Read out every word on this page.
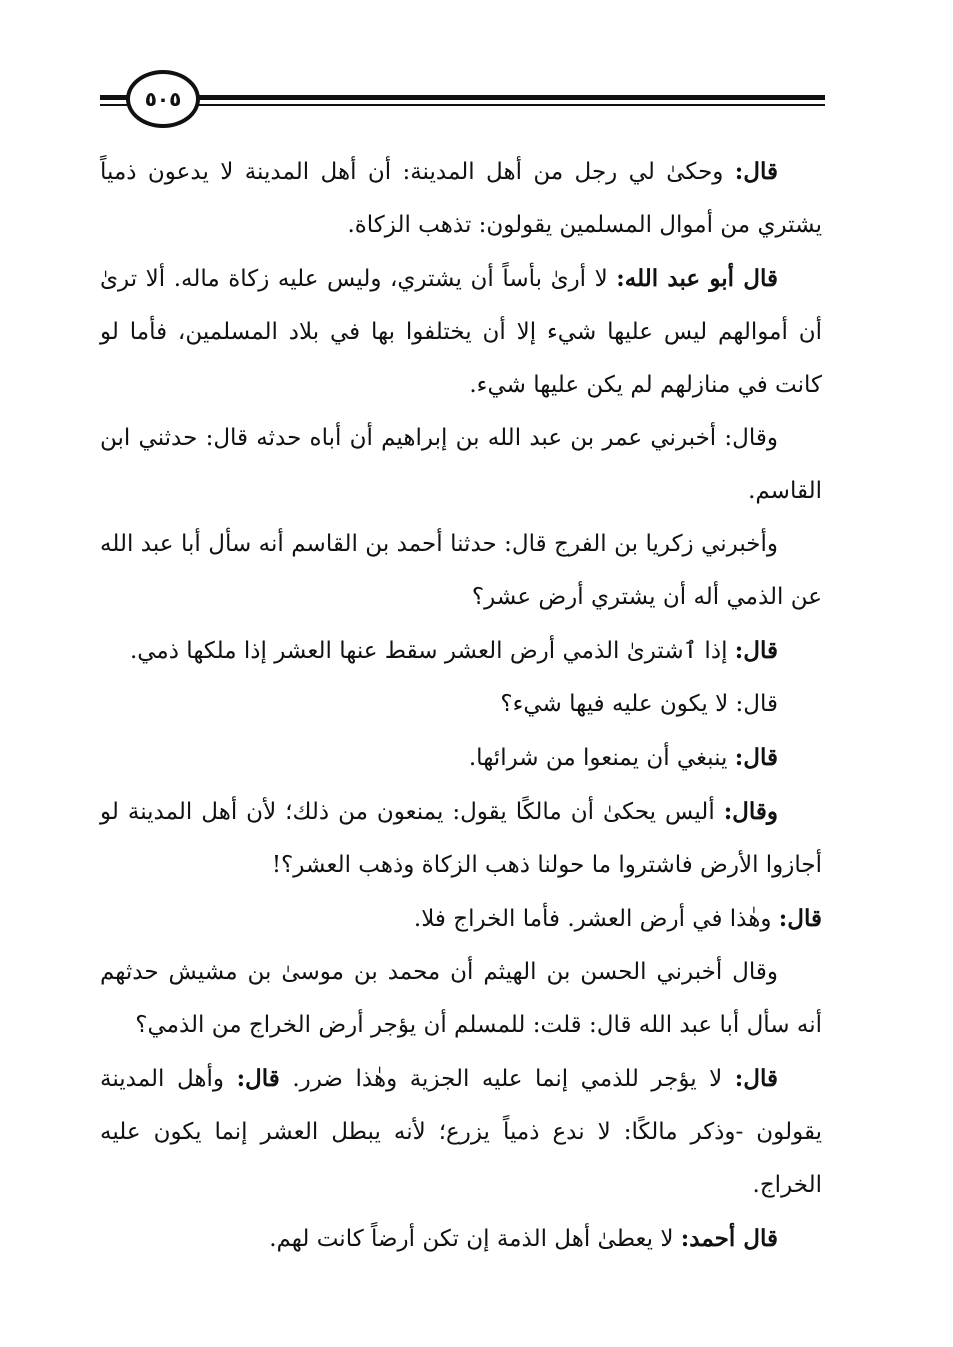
٥٠٥

قال: وحكىٰ لي رجل من أهل المدينة: أن أهل المدينة لا يدعون ذمياً يشتري من أموال المسلمين يقولون: تذهب الزكاة.

قال أبو عبد الله: لا أرىٰ بأساً أن يشتري، وليس عليه زكاة ماله. ألا ترىٰ أن أموالهم ليس عليها شيء إلا أن يختلفوا بها في بلاد المسلمين، فأما لو كانت في منازلهم لم يكن عليها شيء.

وقال: أخبرني عمر بن عبد الله بن إبراهيم أن أباه حدثه قال: حدثني ابن القاسم.

وأخبرني زكريا بن الفرج قال: حدثنا أحمد بن القاسم أنه سأل أبا عبد الله عن الذمي أله أن يشتري أرض عشر؟

قال: إذا ٱشترىٰ الذمي أرض العشر سقط عنها العشر إذا ملكها ذمي.

قال: لا يكون عليه فيها شيء؟

قال: ينبغي أن يمنعوا من شرائها.

وقال: أليس يحكىٰ أن مالكًا يقول: يمنعون من ذلك؛ لأن أهل المدينة لو أجازوا الأرض فاشتروا ما حولنا ذهب الزكاة وذهب العشر؟!

قال: وهٰذا في أرض العشر. فأما الخراج فلا.

وقال أخبرني الحسن بن الهيثم أن محمد بن موسىٰ بن مشيش حدثهم أنه سأل أبا عبد الله قال: قلت: للمسلم أن يؤجر أرض الخراج من الذمي؟

قال: لا يؤجر للذمي إنما عليه الجزية وهٰذا ضرر. قال: وأهل المدينة يقولون -وذكر مالكًا: لا ندع ذمياً يزرع؛ لأنه يبطل العشر إنما يكون عليه الخراج.

قال أحمد: لا يعطىٰ أهل الذمة إن تكن أرضاً كانت لهم.
